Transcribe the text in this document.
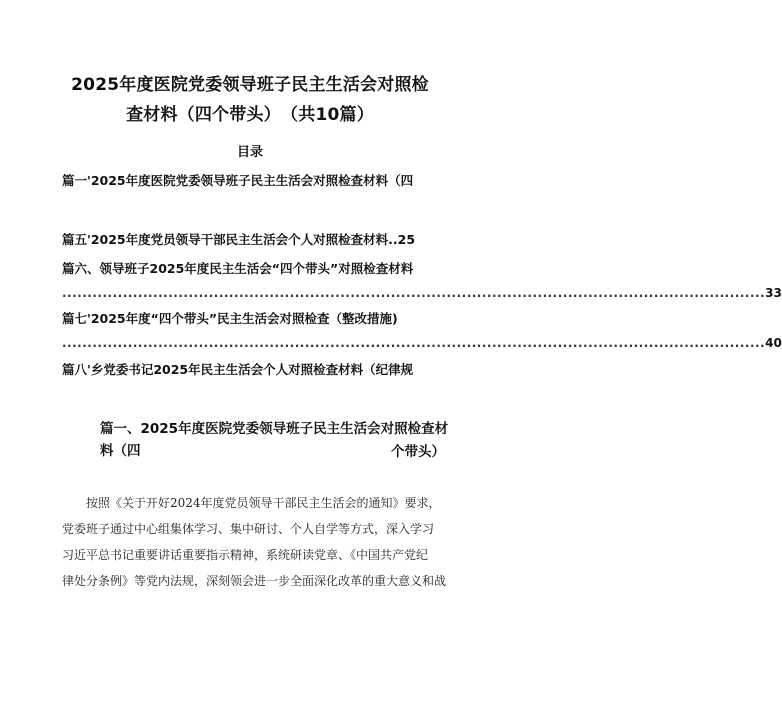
2025年度医院党委领导班子民主生活会对照检
查材料（四个带头）　（共10篇）
目录
篇一'2025年度医院党委领导班子民主生活会对照检查材料（四
篇五'2025年度党员领导干部民主生活会个人对照检查材料..25
篇六、领导班子2025年度民主生活会“四个带头”对照检查材料
........................................................................................................................................... 33
篇七'2025年度“四个带头”民主生活会对照检查（整改措施)
........................................................................................................................................... 40
篇八'乡党委书记2025年民主生活会个人对照检查材料（纪律规
篇一、2025年度医院党委领导班子民主生活会对照检查材料（四	个带头）
　　按照《关于开好2024年度党员领导干部民主生活会的通知》要求，
党委班子通过中心组集体学习、集中研讨、个人自学等方式，深入学习
习近平总书记重要讲话重要指示精神，系统研读党章、《中国共产党纪
律处分条例》等党内法规，深刻领会进一步全面深化改革的重大意义和战
